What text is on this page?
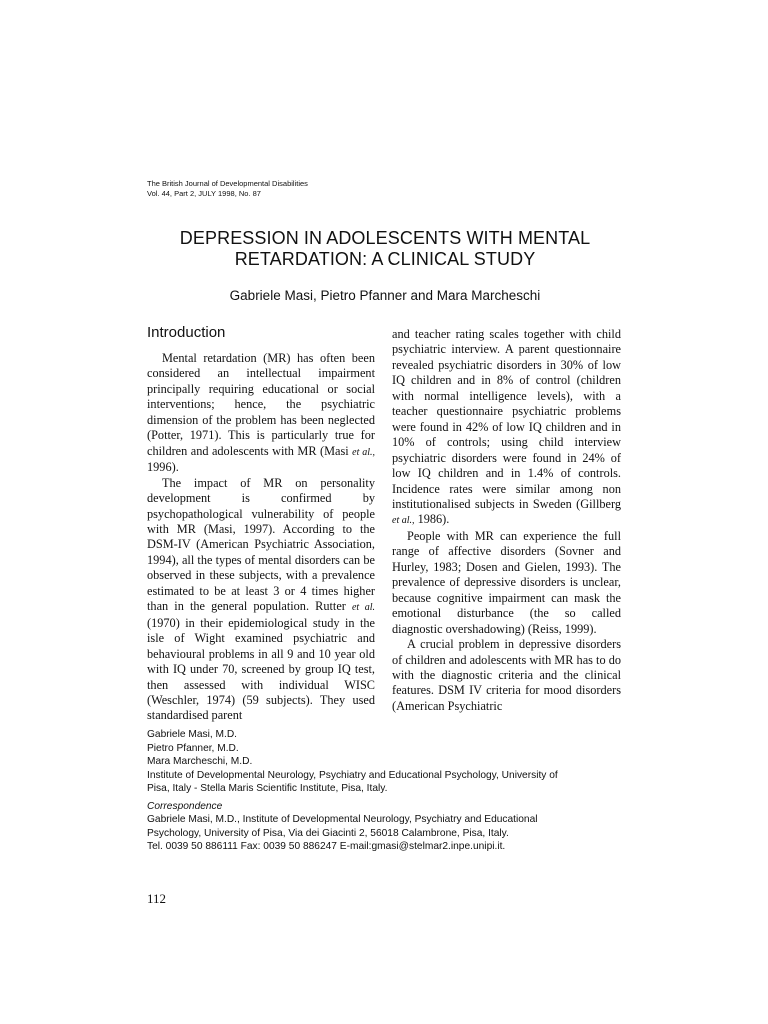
The British Journal of Developmental Disabilities
Vol. 44, Part 2, JULY 1998, No. 87
DEPRESSION IN ADOLESCENTS WITH MENTAL
RETARDATION: A CLINICAL STUDY
Gabriele Masi, Pietro Pfanner and Mara Marcheschi
Introduction

Mental retardation (MR) has often been considered an intellectual impairment principally requiring educational or social interventions; hence, the psychiatric dimension of the problem has been neglected (Potter, 1971). This is particularly true for children and adolescents with MR (Masi et al., 1996).

The impact of MR on personality development is confirmed by psychopathological vulnerability of people with MR (Masi, 1997). According to the DSM-IV (American Psychiatric Association, 1994), all the types of mental disorders can be observed in these subjects, with a prevalence estimated to be at least 3 or 4 times higher than in the general population. Rutter et al. (1970) in their epidemiological study in the isle of Wight examined psychiatric and behavioural problems in all 9 and 10 year old with IQ under 70, screened by group IQ test, then assessed with individual WISC (Weschler, 1974) (59 subjects). They used standardised parent

and teacher rating scales together with child psychiatric interview. A parent questionnaire revealed psychiatric disorders in 30% of low IQ children and in 8% of control (children with normal intelligence levels), with a teacher questionnaire psychiatric problems were found in 42% of low IQ children and in 10% of controls; using child interview psychiatric disorders were found in 24% of low IQ children and in 1.4% of controls. Incidence rates were similar among non institutionalised subjects in Sweden (Gillberg et al., 1986).

People with MR can experience the full range of affective disorders (Sovner and Hurley, 1983; Dosen and Gielen, 1993). The prevalence of depressive disorders is unclear, because cognitive impairment can mask the emotional disturbance (the so called diagnostic overshadowing) (Reiss, 1999).

A crucial problem in depressive disorders of children and adolescents with MR has to do with the diagnostic criteria and the clinical features. DSM IV criteria for mood disorders (American Psychiatric

Gabriele Masi, M.D.
Pietro Pfanner, M.D.
Mara Marcheschi, M.D.
Institute of Developmental Neurology, Psychiatry and Educational Psychology, University of
Pisa, Italy - Stella Maris Scientific Institute, Pisa, Italy.
Correspondence
Gabriele Masi, M.D., Institute of Developmental Neurology, Psychiatry and Educational
Psychology, University of Pisa, Via dei Giacinti 2, 56018 Calambrone, Pisa, Italy.
Tel. 0039 50 886111 Fax: 0039 50 886247 E-mail:gmasi@stelmar2.inpe.unipi.it.
112
